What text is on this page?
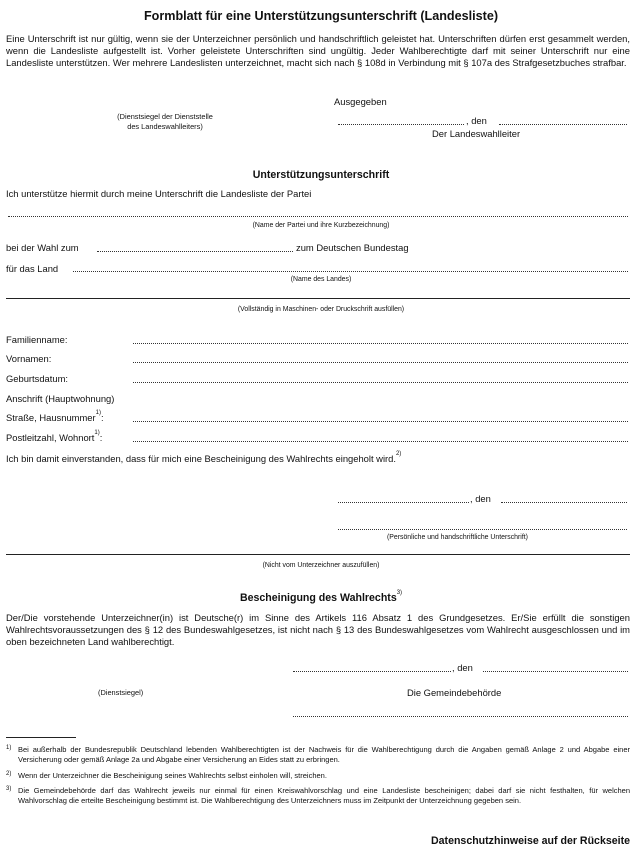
Formblatt für eine Unterstützungsunterschrift (Landesliste)
Eine Unterschrift ist nur gültig, wenn sie der Unterzeichner persönlich und handschriftlich geleistet hat. Unterschriften dürfen erst gesammelt werden, wenn die Landesliste aufgestellt ist. Vorher geleistete Unterschriften sind ungültig. Jeder Wahlberechtigte darf mit seiner Unterschrift nur eine Landesliste unterstützen. Wer mehrere Landeslisten unterzeichnet, macht sich nach § 108d in Verbindung mit § 107a des Strafgesetzbuches strafbar.
Ausgegeben
(Dienstsiegel der Dienststelle
des Landeswahlleiters)
, den
Der Landeswahlleiter
Unterstützungsunterschrift
Ich unterstütze hiermit durch meine Unterschrift die Landesliste der Partei
(Name der Partei und ihre Kurzbezeichnung)
bei der Wahl zum	zum Deutschen Bundestag
für das Land
(Name des Landes)
(Vollständig in Maschinen- oder Druckschrift ausfüllen)
Familienname:
Vornamen:
Geburtsdatum:
Anschrift (Hauptwohnung)
Straße, Hausnummer$^{1)}$:
Postleitzahl, Wohnort$^{1)}$:
Ich bin damit einverstanden, dass für mich eine Bescheinigung des Wahlrechts eingeholt wird.$^{2)}$
, den
(Persönliche und handschriftliche Unterschrift)
(Nicht vom Unterzeichner auszufüllen)
Bescheinigung des Wahlrechts$^{3)}$
Der/Die vorstehende Unterzeichner(in) ist Deutsche(r) im Sinne des Artikels 116 Absatz 1 des Grundgesetzes. Er/Sie erfüllt die sonstigen Wahlrechtsvoraussetzungen des § 12 des Bundeswahlgesetzes, ist nicht nach § 13 des Bundeswahlgesetzes vom Wahlrecht ausgeschlossen und im oben bezeichneten Land wahlberechtigt.
, den
(Dienstsiegel)	Die Gemeindebehörde
1) Bei außerhalb der Bundesrepublik Deutschland lebenden Wahlberechtigten ist der Nachweis für die Wahlberechtigung durch die Angaben gemäß Anlage 2 und Abgabe einer Versicherung oder gemäß Anlage 2a und Abgabe einer Versicherung an Eides statt zu erbringen.
2) Wenn der Unterzeichner die Bescheinigung seines Wahlrechts selbst einholen will, streichen.
3) Die Gemeindebehörde darf das Wahlrecht jeweils nur einmal für einen Kreiswahlvorschlag und eine Landesliste bescheinigen; dabei darf sie nicht festhalten, für welchen Wahlvorschlag die erteilte Bescheinigung bestimmt ist. Die Wahlberechtigung des Unterzeichners muss im Zeitpunkt der Unterzeichnung gegeben sein.
Datenschutzhinweise auf der Rückseite
